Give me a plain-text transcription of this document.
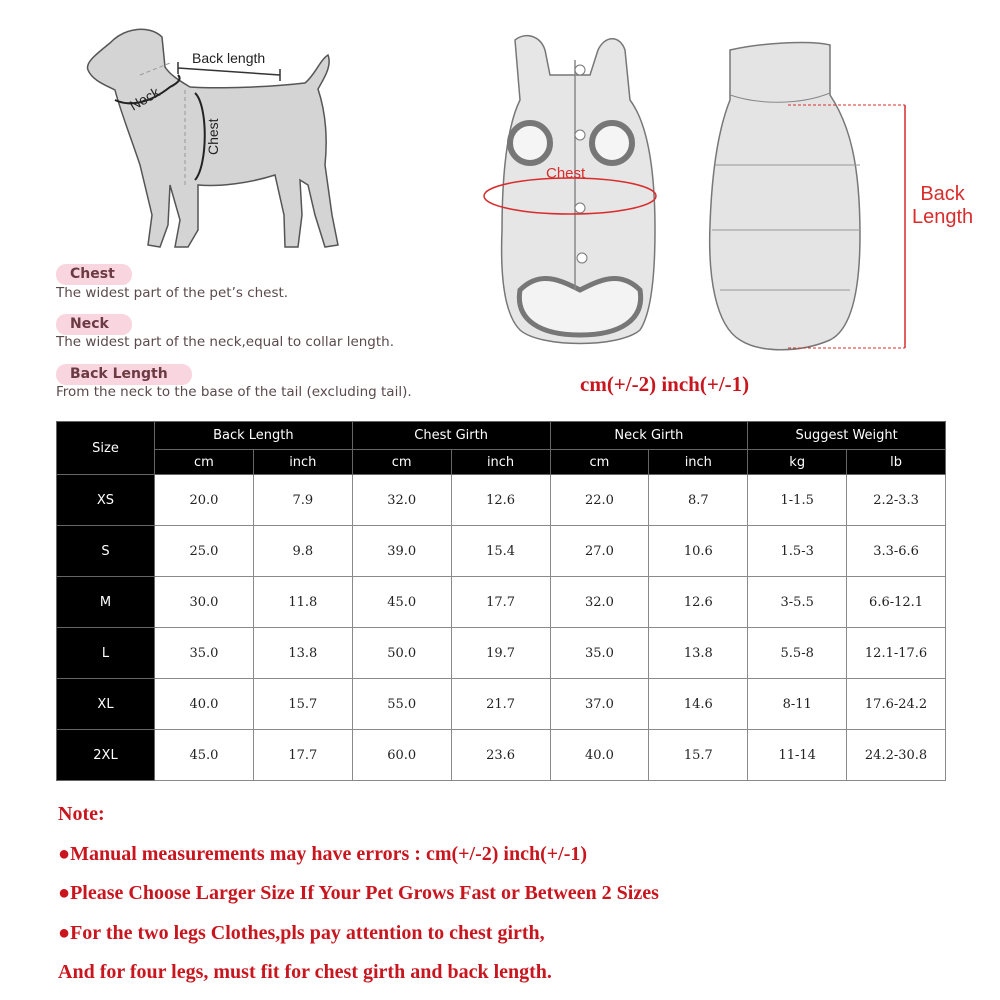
Back length
Neck
Chest
Chest
The widest part of the pet’s chest.
Neck
The widest part of the neck,equal to collar length.
Back Length
From the neck to the base of the tail (excluding tail).
Chest
Back
Length
cm(+/-2) inch(+/-1)
Size	Back Length		Chest Girth		Neck Girth		Suggest Weight	
	cm	inch	cm	inch	cm	inch	kg	lb
XS	20.0	7.9	32.0	12.6	22.0	8.7	1-1.5	2.2-3.3
S	25.0	9.8	39.0	15.4	27.0	10.6	1.5-3	3.3-6.6
M	30.0	11.8	45.0	17.7	32.0	12.6	3-5.5	6.6-12.1
L	35.0	13.8	50.0	19.7	35.0	13.8	5.5-8	12.1-17.6
XL	40.0	15.7	55.0	21.7	37.0	14.6	8-11	17.6-24.2
2XL	45.0	17.7	60.0	23.6	40.0	15.7	11-14	24.2-30.8
Note:
●Manual measurements may have errors : cm(+/-2) inch(+/-1)
●Please Choose Larger Size If Your Pet Grows Fast or Between 2 Sizes
●For the two legs Clothes,pls pay attention to chest girth,
And for four legs, must fit for chest girth and back length.
